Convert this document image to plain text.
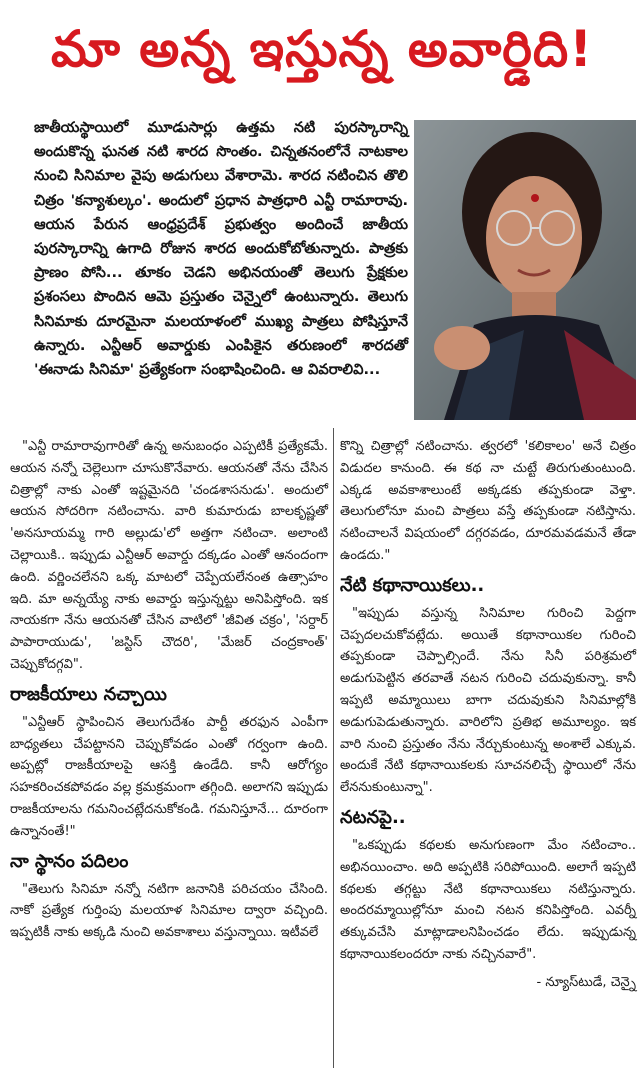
మా అన్న ఇస్తున్న అవార్డిది!
జాతీయస్థాయిలో మూడుసార్లు ఉత్తమ నటి పురస్కారాన్ని అందుకొన్న ఘనత నటి శారద సొంతం. చిన్నతనంలోనే నాటకాల నుంచి సినిమాల వైపు అడుగులు వేశారామె. శారద నటించిన తొలి చిత్రం 'కన్యాశుల్కం'. అందులో ప్రధాన పాత్రధారి ఎన్టీ రామారావు. ఆయన పేరున ఆంధ్రప్రదేశ్ ప్రభుత్వం అందించే జాతీయ పురస్కారాన్ని ఉగాది రోజున శారద అందుకోబోతున్నారు. పాత్రకు ప్రాణం పోసి... తూకం చెడని అభినయంతో తెలుగు ప్రేక్షకుల ప్రశంసలు పొందిన ఆమె ప్రస్తుతం చెన్నైలో ఉంటున్నారు. తెలుగు సినిమాకు దూరమైనా మలయాళంలో ముఖ్య పాత్రలు పోషిస్తూనే ఉన్నారు. ఎన్టీఆర్ అవార్డుకు ఎంపికైన తరుణంలో శారదతో 'ఈనాడు సినిమా' ప్రత్యేకంగా సంభాషించింది. ఆ వివరాలివి...

"ఎన్టీ రామారావుగారితో ఉన్న అనుబంధం ఎప్పటికీ ప్రత్యేకమే. ఆయన నన్నో చెల్లెలుగా చూసుకొనేవారు. ఆయనతో నేను చేసిన చిత్రాల్లో నాకు ఎంతో ఇష్టమైనది 'చండశాసనుడు'. అందులో ఆయన సోదరిగా నటించాను. వారి కుమారుడు బాలకృష్ణతో 'అనసూయమ్మ గారి అల్లుడు'లో అత్తగా నటించా. అలాంటి చెల్లాయికి.. ఇప్పుడు ఎన్టీఆర్ అవార్డు దక్కడం ఎంతో ఆనందంగా ఉంది. వర్ణించలేనని ఒక్క మాటలో చెప్పేయలేనంత ఉత్సాహం ఇది. మా అన్నయ్యే నాకు అవార్డు ఇస్తున్నట్టు అనిపిస్తోంది. ఇక నాయకగా నేను ఆయనతో చేసిన వాటిలో 'జీవిత చక్రం', 'సర్దార్ పాపారాయుడు', 'జస్టిస్ చౌదరి', 'మేజర్ చంద్రకాంత్' చెప్పుకోదగ్గవి".

రాజకీయాలు నచ్చాయి

"ఎన్టీఆర్ స్థాపించిన తెలుగుదేశం పార్టీ తరఫున ఎంపీగా బాధ్యతలు చేపట్టానని చెప్పుకోవడం ఎంతో గర్వంగా ఉంది. అప్పట్లో రాజకీయాలపై ఆసక్తి ఉండేది. కానీ ఆరోగ్యం సహకరించకపోవడం వల్ల క్రమక్రమంగా తగ్గింది. అలాగని ఇప్పుడు రాజకీయాలను గమనించట్లేదనుకోకండి. గమనిస్తూనే... దూరంగా ఉన్నానంతే!"

నా స్థానం పదిలం

"తెలుగు సినిమా నన్నో నటిగా జనానికి పరిచయం చేసింది. నాకో ప్రత్యేక గుర్తింపు మలయాళ సినిమాల ద్వారా వచ్చింది. ఇప్పటికీ నాకు అక్కడి నుంచి అవకాశాలు వస్తున్నాయి. ఇటీవలే

కొన్ని చిత్రాల్లో నటించాను. త్వరలో 'కలికాలం' అనే చిత్రం విడుదల కానుంది. ఈ కథ నా చుట్టే తిరుగుతుంటుంది. ఎక్కడ అవకాశాలుంటే అక్కడకు తప్పకుండా వెళ్తా. తెలుగులోనూ మంచి పాత్రలు వస్తే తప్పకుండా నటిస్తాను. నటించాలనే విషయంలో దగ్గరవడం, దూరమవడమనే తేడా ఉండదు."

నేటి కథానాయికలు..

"ఇప్పుడు వస్తున్న సినిమాల గురించి పెద్దగా చెప్పదలచుకోవట్లేదు. అయితే కథానాయికల గురించి తప్పకుండా చెప్పాల్సిందే. నేను సినీ పరిశ్రమలో అడుగుపెట్టిన తరవాతే నటన గురించి చదువుకున్నా. కానీ ఇప్పటి అమ్మాయిలు బాగా చదువుకుని సినిమాల్లోకి అడుగుపెడుతున్నారు. వారిలోని ప్రతిభ అమూల్యం. ఇక వారి నుంచి ప్రస్తుతం నేను నేర్చుకుంటున్న అంశాలే ఎక్కువ. అందుకే నేటి కథానాయికలకు సూచనలిచ్చే స్థాయిలో నేను లేననుకుంటున్నా".

నటనపై..

"ఒకప్పుడు కథలకు అనుగుణంగా మేం నటించాం.. అభినయించాం. అది అప్పటికి సరిపోయింది. అలాగే ఇప్పటి కథలకు తగ్గట్టు నేటి కథానాయికలు నటిస్తున్నారు. అందరమ్మాయిల్లోనూ మంచి నటన కనిపిస్తోంది. ఎవర్నీ తక్కువచేసి మాట్లాడాలనిపించడం లేదు. ఇప్పుడున్న కథానాయికలందరూ నాకు నచ్చినవారే".

- న్యూస్‌టుడే, చెన్నై
